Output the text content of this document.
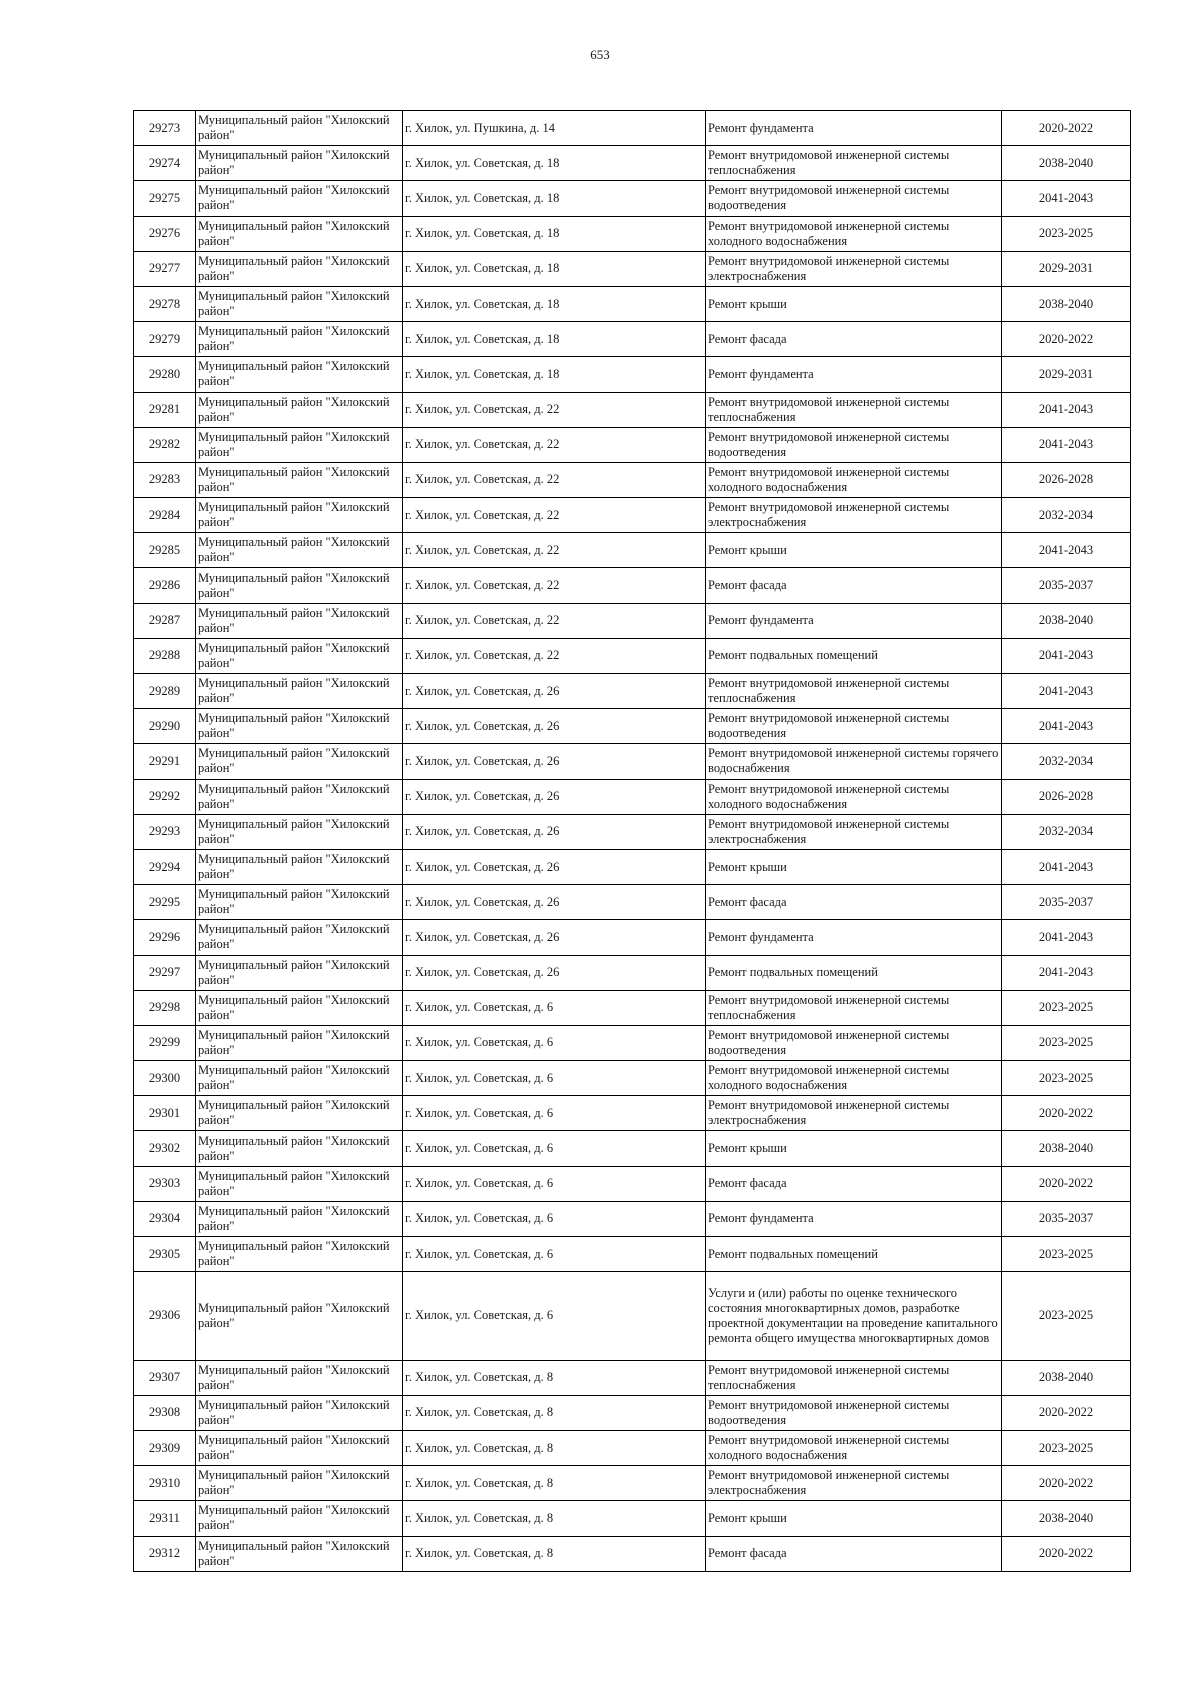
653
29273	Муниципальный район "Хилокский район"	г. Хилок, ул. Пушкина, д. 14	Ремонт фундамента	2020-2022
29274	Муниципальный район "Хилокский район"	г. Хилок, ул. Советская, д. 18	Ремонт внутридомовой инженерной системы теплоснабжения	2038-2040
29275	Муниципальный район "Хилокский район"	г. Хилок, ул. Советская, д. 18	Ремонт внутридомовой инженерной системы водоотведения	2041-2043
29276	Муниципальный район "Хилокский район"	г. Хилок, ул. Советская, д. 18	Ремонт внутридомовой инженерной системы холодного водоснабжения	2023-2025
29277	Муниципальный район "Хилокский район"	г. Хилок, ул. Советская, д. 18	Ремонт внутридомовой инженерной системы электроснабжения	2029-2031
29278	Муниципальный район "Хилокский район"	г. Хилок, ул. Советская, д. 18	Ремонт крыши	2038-2040
29279	Муниципальный район "Хилокский район"	г. Хилок, ул. Советская, д. 18	Ремонт фасада	2020-2022
29280	Муниципальный район "Хилокский район"	г. Хилок, ул. Советская, д. 18	Ремонт фундамента	2029-2031
29281	Муниципальный район "Хилокский район"	г. Хилок, ул. Советская, д. 22	Ремонт внутридомовой инженерной системы теплоснабжения	2041-2043
29282	Муниципальный район "Хилокский район"	г. Хилок, ул. Советская, д. 22	Ремонт внутридомовой инженерной системы водоотведения	2041-2043
29283	Муниципальный район "Хилокский район"	г. Хилок, ул. Советская, д. 22	Ремонт внутридомовой инженерной системы холодного водоснабжения	2026-2028
29284	Муниципальный район "Хилокский район"	г. Хилок, ул. Советская, д. 22	Ремонт внутридомовой инженерной системы электроснабжения	2032-2034
29285	Муниципальный район "Хилокский район"	г. Хилок, ул. Советская, д. 22	Ремонт крыши	2041-2043
29286	Муниципальный район "Хилокский район"	г. Хилок, ул. Советская, д. 22	Ремонт фасада	2035-2037
29287	Муниципальный район "Хилокский район"	г. Хилок, ул. Советская, д. 22	Ремонт фундамента	2038-2040
29288	Муниципальный район "Хилокский район"	г. Хилок, ул. Советская, д. 22	Ремонт подвальных помещений	2041-2043
29289	Муниципальный район "Хилокский район"	г. Хилок, ул. Советская, д. 26	Ремонт внутридомовой инженерной системы теплоснабжения	2041-2043
29290	Муниципальный район "Хилокский район"	г. Хилок, ул. Советская, д. 26	Ремонт внутридомовой инженерной системы водоотведения	2041-2043
29291	Муниципальный район "Хилокский район"	г. Хилок, ул. Советская, д. 26	Ремонт внутридомовой инженерной системы горячего водоснабжения	2032-2034
29292	Муниципальный район "Хилокский район"	г. Хилок, ул. Советская, д. 26	Ремонт внутридомовой инженерной системы холодного водоснабжения	2026-2028
29293	Муниципальный район "Хилокский район"	г. Хилок, ул. Советская, д. 26	Ремонт внутридомовой инженерной системы электроснабжения	2032-2034
29294	Муниципальный район "Хилокский район"	г. Хилок, ул. Советская, д. 26	Ремонт крыши	2041-2043
29295	Муниципальный район "Хилокский район"	г. Хилок, ул. Советская, д. 26	Ремонт фасада	2035-2037
29296	Муниципальный район "Хилокский район"	г. Хилок, ул. Советская, д. 26	Ремонт фундамента	2041-2043
29297	Муниципальный район "Хилокский район"	г. Хилок, ул. Советская, д. 26	Ремонт подвальных помещений	2041-2043
29298	Муниципальный район "Хилокский район"	г. Хилок, ул. Советская, д. 6	Ремонт внутридомовой инженерной системы теплоснабжения	2023-2025
29299	Муниципальный район "Хилокский район"	г. Хилок, ул. Советская, д. 6	Ремонт внутридомовой инженерной системы водоотведения	2023-2025
29300	Муниципальный район "Хилокский район"	г. Хилок, ул. Советская, д. 6	Ремонт внутридомовой инженерной системы холодного водоснабжения	2023-2025
29301	Муниципальный район "Хилокский район"	г. Хилок, ул. Советская, д. 6	Ремонт внутридомовой инженерной системы электроснабжения	2020-2022
29302	Муниципальный район "Хилокский район"	г. Хилок, ул. Советская, д. 6	Ремонт крыши	2038-2040
29303	Муниципальный район "Хилокский район"	г. Хилок, ул. Советская, д. 6	Ремонт фасада	2020-2022
29304	Муниципальный район "Хилокский район"	г. Хилок, ул. Советская, д. 6	Ремонт фундамента	2035-2037
29305	Муниципальный район "Хилокский район"	г. Хилок, ул. Советская, д. 6	Ремонт подвальных помещений	2023-2025
29306	Муниципальный район "Хилокский район"	г. Хилок, ул. Советская, д. 6	Услуги и (или) работы по оценке технического состояния многоквартирных домов, разработке проектной документации на проведение капитального ремонта общего имущества многоквартирных домов	2023-2025
29307	Муниципальный район "Хилокский район"	г. Хилок, ул. Советская, д. 8	Ремонт внутридомовой инженерной системы теплоснабжения	2038-2040
29308	Муниципальный район "Хилокский район"	г. Хилок, ул. Советская, д. 8	Ремонт внутридомовой инженерной системы водоотведения	2020-2022
29309	Муниципальный район "Хилокский район"	г. Хилок, ул. Советская, д. 8	Ремонт внутридомовой инженерной системы холодного водоснабжения	2023-2025
29310	Муниципальный район "Хилокский район"	г. Хилок, ул. Советская, д. 8	Ремонт внутридомовой инженерной системы электроснабжения	2020-2022
29311	Муниципальный район "Хилокский район"	г. Хилок, ул. Советская, д. 8	Ремонт крыши	2038-2040
29312	Муниципальный район "Хилокский район"	г. Хилок, ул. Советская, д. 8	Ремонт фасада	2020-2022
